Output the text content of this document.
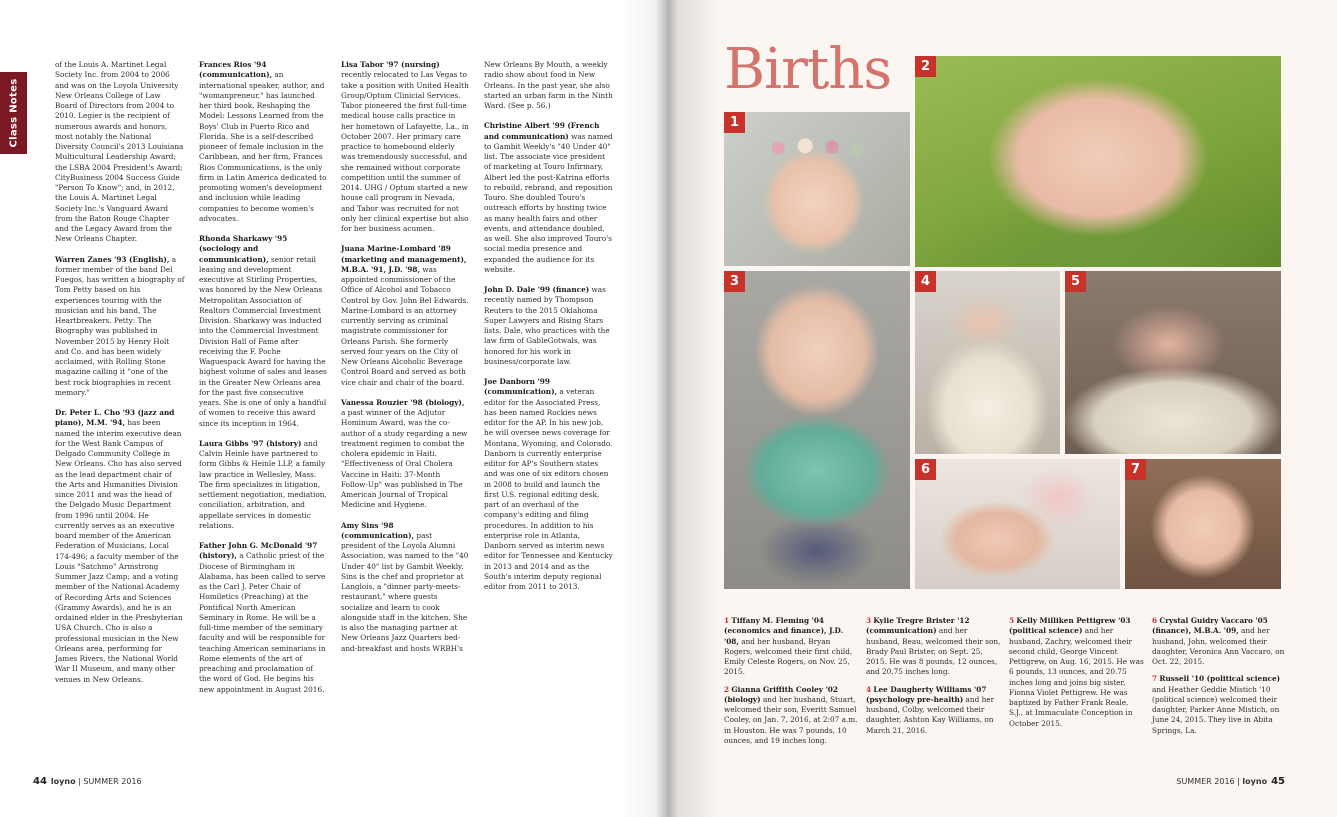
Class Notes

of the Louis A. Martinet Legal Society Inc. from 2004 to 2006 and was on the Loyola University New Orleans College of Law Board of Directors from 2004 to 2010. Legier is the recipient of numerous awards and honors, most notably the National Diversity Council's 2013 Louisiana Multicultural Leadership Award; the LSBA 2004 President's Award; CityBusiness 2004 Success Guide "Person To Know"; and, in 2012, the Louis A. Martinet Legal Society Inc.'s Vanguard Award from the Baton Rouge Chapter and the Legacy Award from the New Orleans Chapter.

Warren Zanes '93 (English), a former member of the band Del Fuegos, has written a biography of Tom Petty based on his experiences touring with the musician and his band, The Heartbreakers. Petty: The Biography was published in November 2015 by Henry Holt and Co. and has been widely acclaimed, with Rolling Stone magazine calling it "one of the best rock biographies in recent memory."

Dr. Peter L. Cho '93 (jazz and piano), M.M. '94, has been named the interim executive dean for the West Bank Campus of Delgado Community College in New Orleans. Cho has also served as the lead department chair of the Arts and Humanities Division since 2011 and was the head of the Delgado Music Department from 1996 until 2004. He currently serves as an executive board member of the American Federation of Musicians, Local 174-496; a faculty member of the Louis "Satchmo" Armstrong Summer Jazz Camp; and a voting member of the National Academy of Recording Arts and Sciences (Grammy Awards), and he is an ordained elder in the Presbyterian USA Church. Cho is also a professional musician in the New Orleans area, performing for James Rivers, the National World War II Museum, and many other venues in New Orleans.

Frances Rios '94 (communication), an international speaker, author, and "womanpreneur," has launched her third book, Reshaping the Model: Lessons Learned from the Boys' Club in Puerto Rico and Florida. She is a self-described pioneer of female inclusion in the Caribbean, and her firm, Frances Rios Communications, is the only firm in Latin America dedicated to promoting women's development and inclusion while leading companies to become women's advocates.

Rhonda Sharkawy '95 (sociology and communication), senior retail leasing and development executive at Stirling Properties, was honored by the New Orleans Metropolitan Association of Realtors Commercial Investment Division. Sharkawy was inducted into the Commercial Investment Division Hall of Fame after receiving the F. Poche Waguespack Award for having the highest volume of sales and leases in the Greater New Orleans area for the past five consecutive years. She is one of only a handful of women to receive this award since its inception in 1964.

Laura Gibbs '97 (history) and Calvin Heinle have partnered to form Gibbs & Heinle LLP, a family law practice in Wellesley, Mass. The firm specializes in litigation, settlement negotiation, mediation, conciliation, arbitration, and appellate services in domestic relations.

Father John G. McDonald '97 (history), a Catholic priest of the Diocese of Birmingham in Alabama, has been called to serve as the Carl J. Peter Chair of Homiletics (Preaching) at the Pontifical North American Seminary in Rome. He will be a full-time member of the seminary faculty and will be responsible for teaching American seminarians in Rome elements of the art of preaching and proclamation of the word of God. He begins his new appointment in August 2016.

Lisa Tabor '97 (nursing) recently relocated to Las Vegas to take a position with United Health Group/Optum Clinicial Services. Tabor pioneered the first full-time medical house calls practice in her hometown of Lafayette, La., in October 2007. Her primary care practice to homebound elderly was tremendously successful, and she remained without corporate competition until the summer of 2014. UHG / Optum started a new house call program in Nevada, and Tabor was recruited for not only her clinical expertise but also for her business acumen.

Juana Marine-Lombard '89 (marketing and management), M.B.A. '91, J.D. '98, was appointed commissioner of the Office of Alcohol and Tobacco Control by Gov. John Bel Edwards. Marine-Lombard is an attorney currently serving as criminal magistrate commissioner for Orleans Parish. She formerly served four years on the City of New Orleans Alcoholic Beverage Control Board and served as both vice chair and chair of the board.

Vanessa Rouzier '98 (biology), a past winner of the Adjutor Hominum Award, was the co-author of a study regarding a new treatment regimen to combat the cholera epidemic in Haiti. "Effectiveness of Oral Cholera Vaccine in Haiti: 37-Month Follow-Up" was published in The American Journal of Tropical Medicine and Hygiene.

Amy Sins '98 (communication), past president of the Loyola Alumni Association, was named to the "40 Under 40" list by Gambit Weekly. Sins is the chef and proprietor at Langlois, a "dinner party-meets-restaurant," where guests socialize and learn to cook alongside staff in the kitchen. She is also the managing partner at New Orleans Jazz Quarters bed-and-breakfast and hosts WRBH's

New Orleans By Mouth, a weekly radio show about food in New Orleans. In the past year, she also started an urban farm in the Ninth Ward. (See p. 56.)

Christine Albert '99 (French and communication) was named to Gambit Weekly's "40 Under 40" list. The associate vice president of marketing at Touro Infirmary, Albert led the post-Katrina efforts to rebuild, rebrand, and reposition Touro. She doubled Touro's outreach efforts by hosting twice as many health fairs and other events, and attendance doubled, as well. She also improved Touro's social media presence and expanded the audience for its website.

John D. Dale '99 (finance) was recently named by Thompson Reuters to the 2015 Oklahoma Super Lawyers and Rising Stars lists. Dale, who practices with the law firm of GableGotwals, was honored for his work in business/corporate law.

Joe Danborn '99 (communication), a veteran editor for the Associated Press, has been named Rockies news editor for the AP. In his new job, he will oversee news coverage for Montana, Wyoming, and Colorado. Danborn is currently enterprise editor for AP's Southern states and was one of six editors chosen in 2008 to build and launch the first U.S. regional editing desk, part of an overhaul of the company's editing and filing procedures. In addition to his enterprise role in Atlanta, Danborn served as interim news editor for Tennessee and Kentucky in 2013 and 2014 and as the South's interim deputy regional editor from 2011 to 2013.

44 loyno | SUMMER 2016
Births
1
2
3	4	5
6	7

1 Tiffany M. Fleming '04 (economics and finance), J.D. '08, and her husband, Bryan Rogers, welcomed their first child, Emily Celeste Rogers, on Nov. 25, 2015.

2 Gianna Griffith Cooley '02 (biology) and her husband, Stuart, welcomed their son, Everitt Samuel Cooley, on Jan. 7, 2016, at 2:07 a.m. in Houston. He was 7 pounds, 10 ounces, and 19 inches long.

3 Kylie Tregre Brister '12 (communication) and her husband, Beau, welcomed their son, Brady Paul Brister, on Sept. 25, 2015. He was 8 pounds, 12 ounces, and 20.75 inches long.

4 Lee Daugherty Williams '07 (psychology pre-health) and her husband, Colby, welcomed their daughter, Ashton Kay Williams, on March 21, 2016.

5 Kelly Milliken Pettigrew '03 (political science) and her husband, Zachry, welcomed their second child, George Vincent Pettigrew, on Aug. 16, 2015. He was 6 pounds, 13 ounces, and 20.75 inches long and joins big sister, Fionna Violet Pettigrew. He was baptized by Father Frank Reale, S.J., at Immaculate Conception in October 2015.

6 Crystal Guidry Vaccaro '05 (finance), M.B.A. '09, and her husband, John, welcomed their daughter, Veronica Ann Vaccaro, on Oct. 22, 2015.

7 Russell '10 (political science) and Heather Geddie Mistich '10 (political science) welcomed their daughter, Parker Anne Mistich, on June 24, 2015. They live in Abita Springs, La.

SUMMER 2016 | loyno 45
